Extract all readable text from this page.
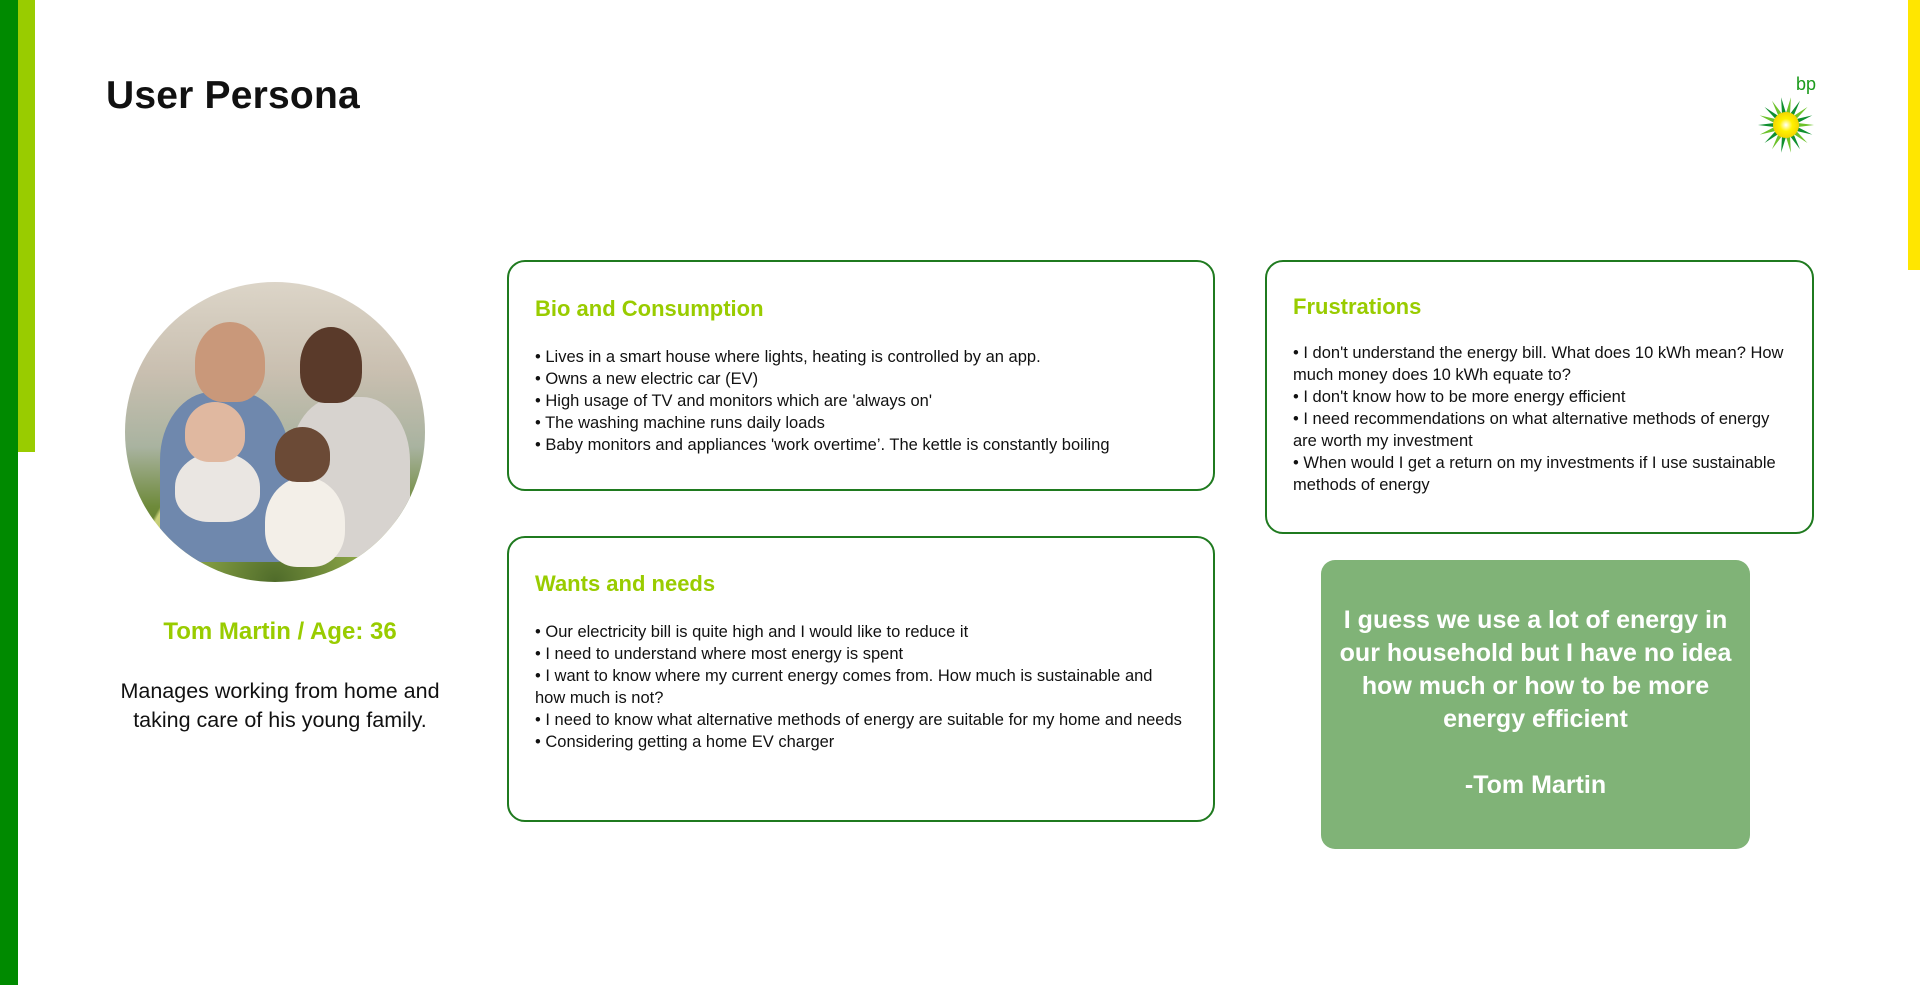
User Persona	bp

Tom Martin / Age: 36

Manages working from home and taking care of his young family.

Bio and Consumption
• Lives in a smart house where lights, heating is controlled by an app.
• Owns a new electric car (EV)
• High usage of TV and monitors which are 'always on'
• The washing machine runs daily loads
• Baby monitors and appliances 'work overtime’. The kettle is constantly boiling
Wants and needs
• Our electricity bill is quite high and I would like to reduce it
• I need to understand where most energy is spent
• I want to know where my current energy comes from. How much is sustainable and how much is not?
• I need to know what alternative methods of energy are suitable for my home and needs
• Considering getting a home EV charger
Frustrations
• I don't understand the energy bill. What does 10 kWh mean? How much money does 10 kWh equate to?
• I don't know how to be more energy efficient
• I need recommendations on what alternative methods of energy are worth my investment
• When would I get a return on my investments if I use sustainable methods of energy
I guess we use a lot of energy in our household but I have no idea how much or how to be more energy efficient
-Tom Martin
